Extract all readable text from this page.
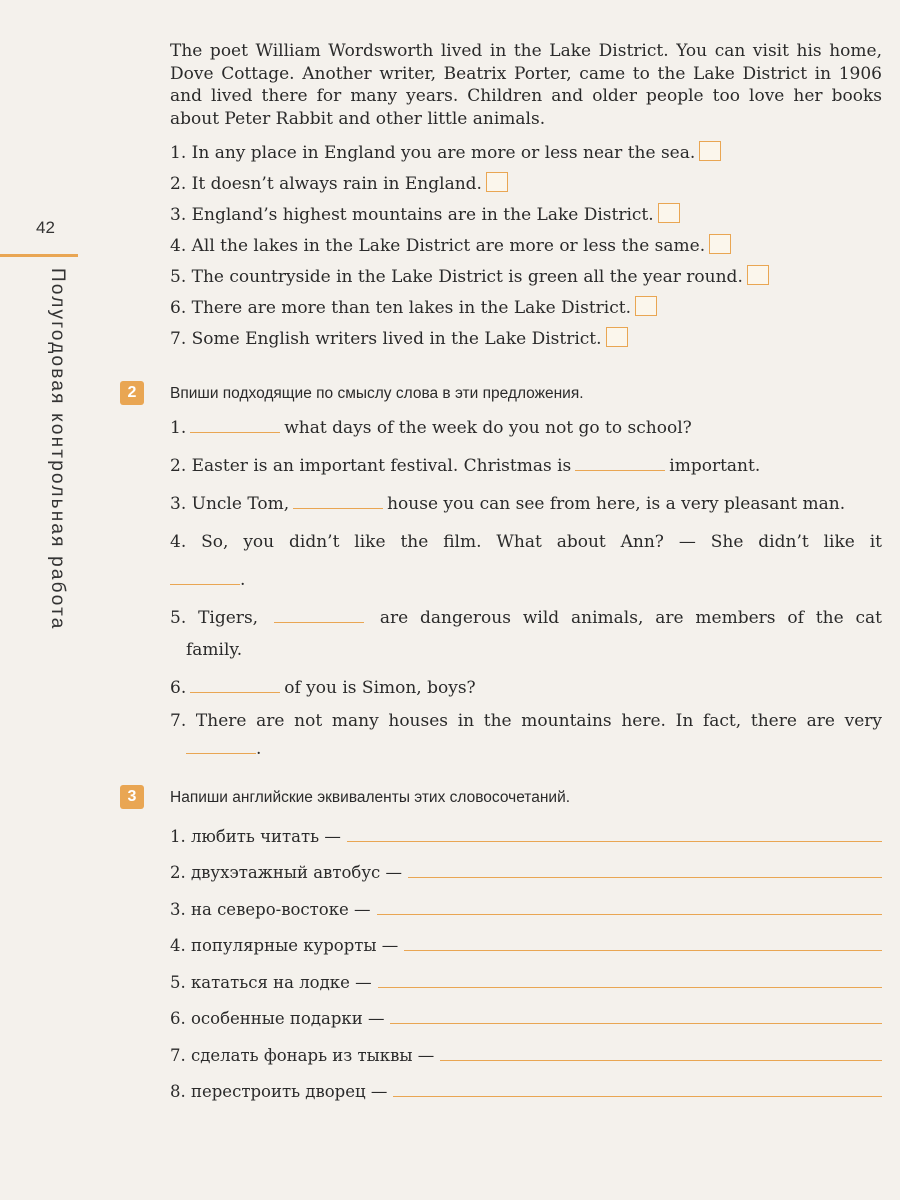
42
Полугодовая контрольная работа

The poet William Wordsworth lived in the Lake District. You can visit his home, Dove Cottage. Another writer, Beatrix Porter, came to the Lake District in 1906 and lived there for many years. Children and older people too love her books about Peter Rabbit and other little animals.

1. In any place in England you are more or less near the sea.
2. It doesn’t always rain in England.
3. England’s highest mountains are in the Lake District.
4. All the lakes in the Lake District are more or less the same.
5. The countryside in the Lake District is green all the year round.
6. There are more than ten lakes in the Lake District.
7. Some English writers lived in the Lake District.
2	Впиши подходящие по смыслу слова в эти предложения.
1.	what days of the week do you not go to school?
2. Easter is an important festival. Christmas is	important.
3. Uncle Tom,	house you can see from here, is a very pleasant man.
4. So, you didn’t like the film. What about Ann? — She didn’t like it
.
5. Tigers,	are dangerous wild animals, are members of the cat
family.
6.	of you is Simon, boys?
7. There are not many houses in the mountains here. In fact, there are very
.
3	Напиши английские эквиваленты этих словосочетаний.
1. любить читать —
2. двухэтажный автобус —
3. на северо-востоке —
4. популярные курорты —
5. кататься на лодке —
6. особенные подарки —
7. сделать фонарь из тыквы —
8. перестроить дворец —
